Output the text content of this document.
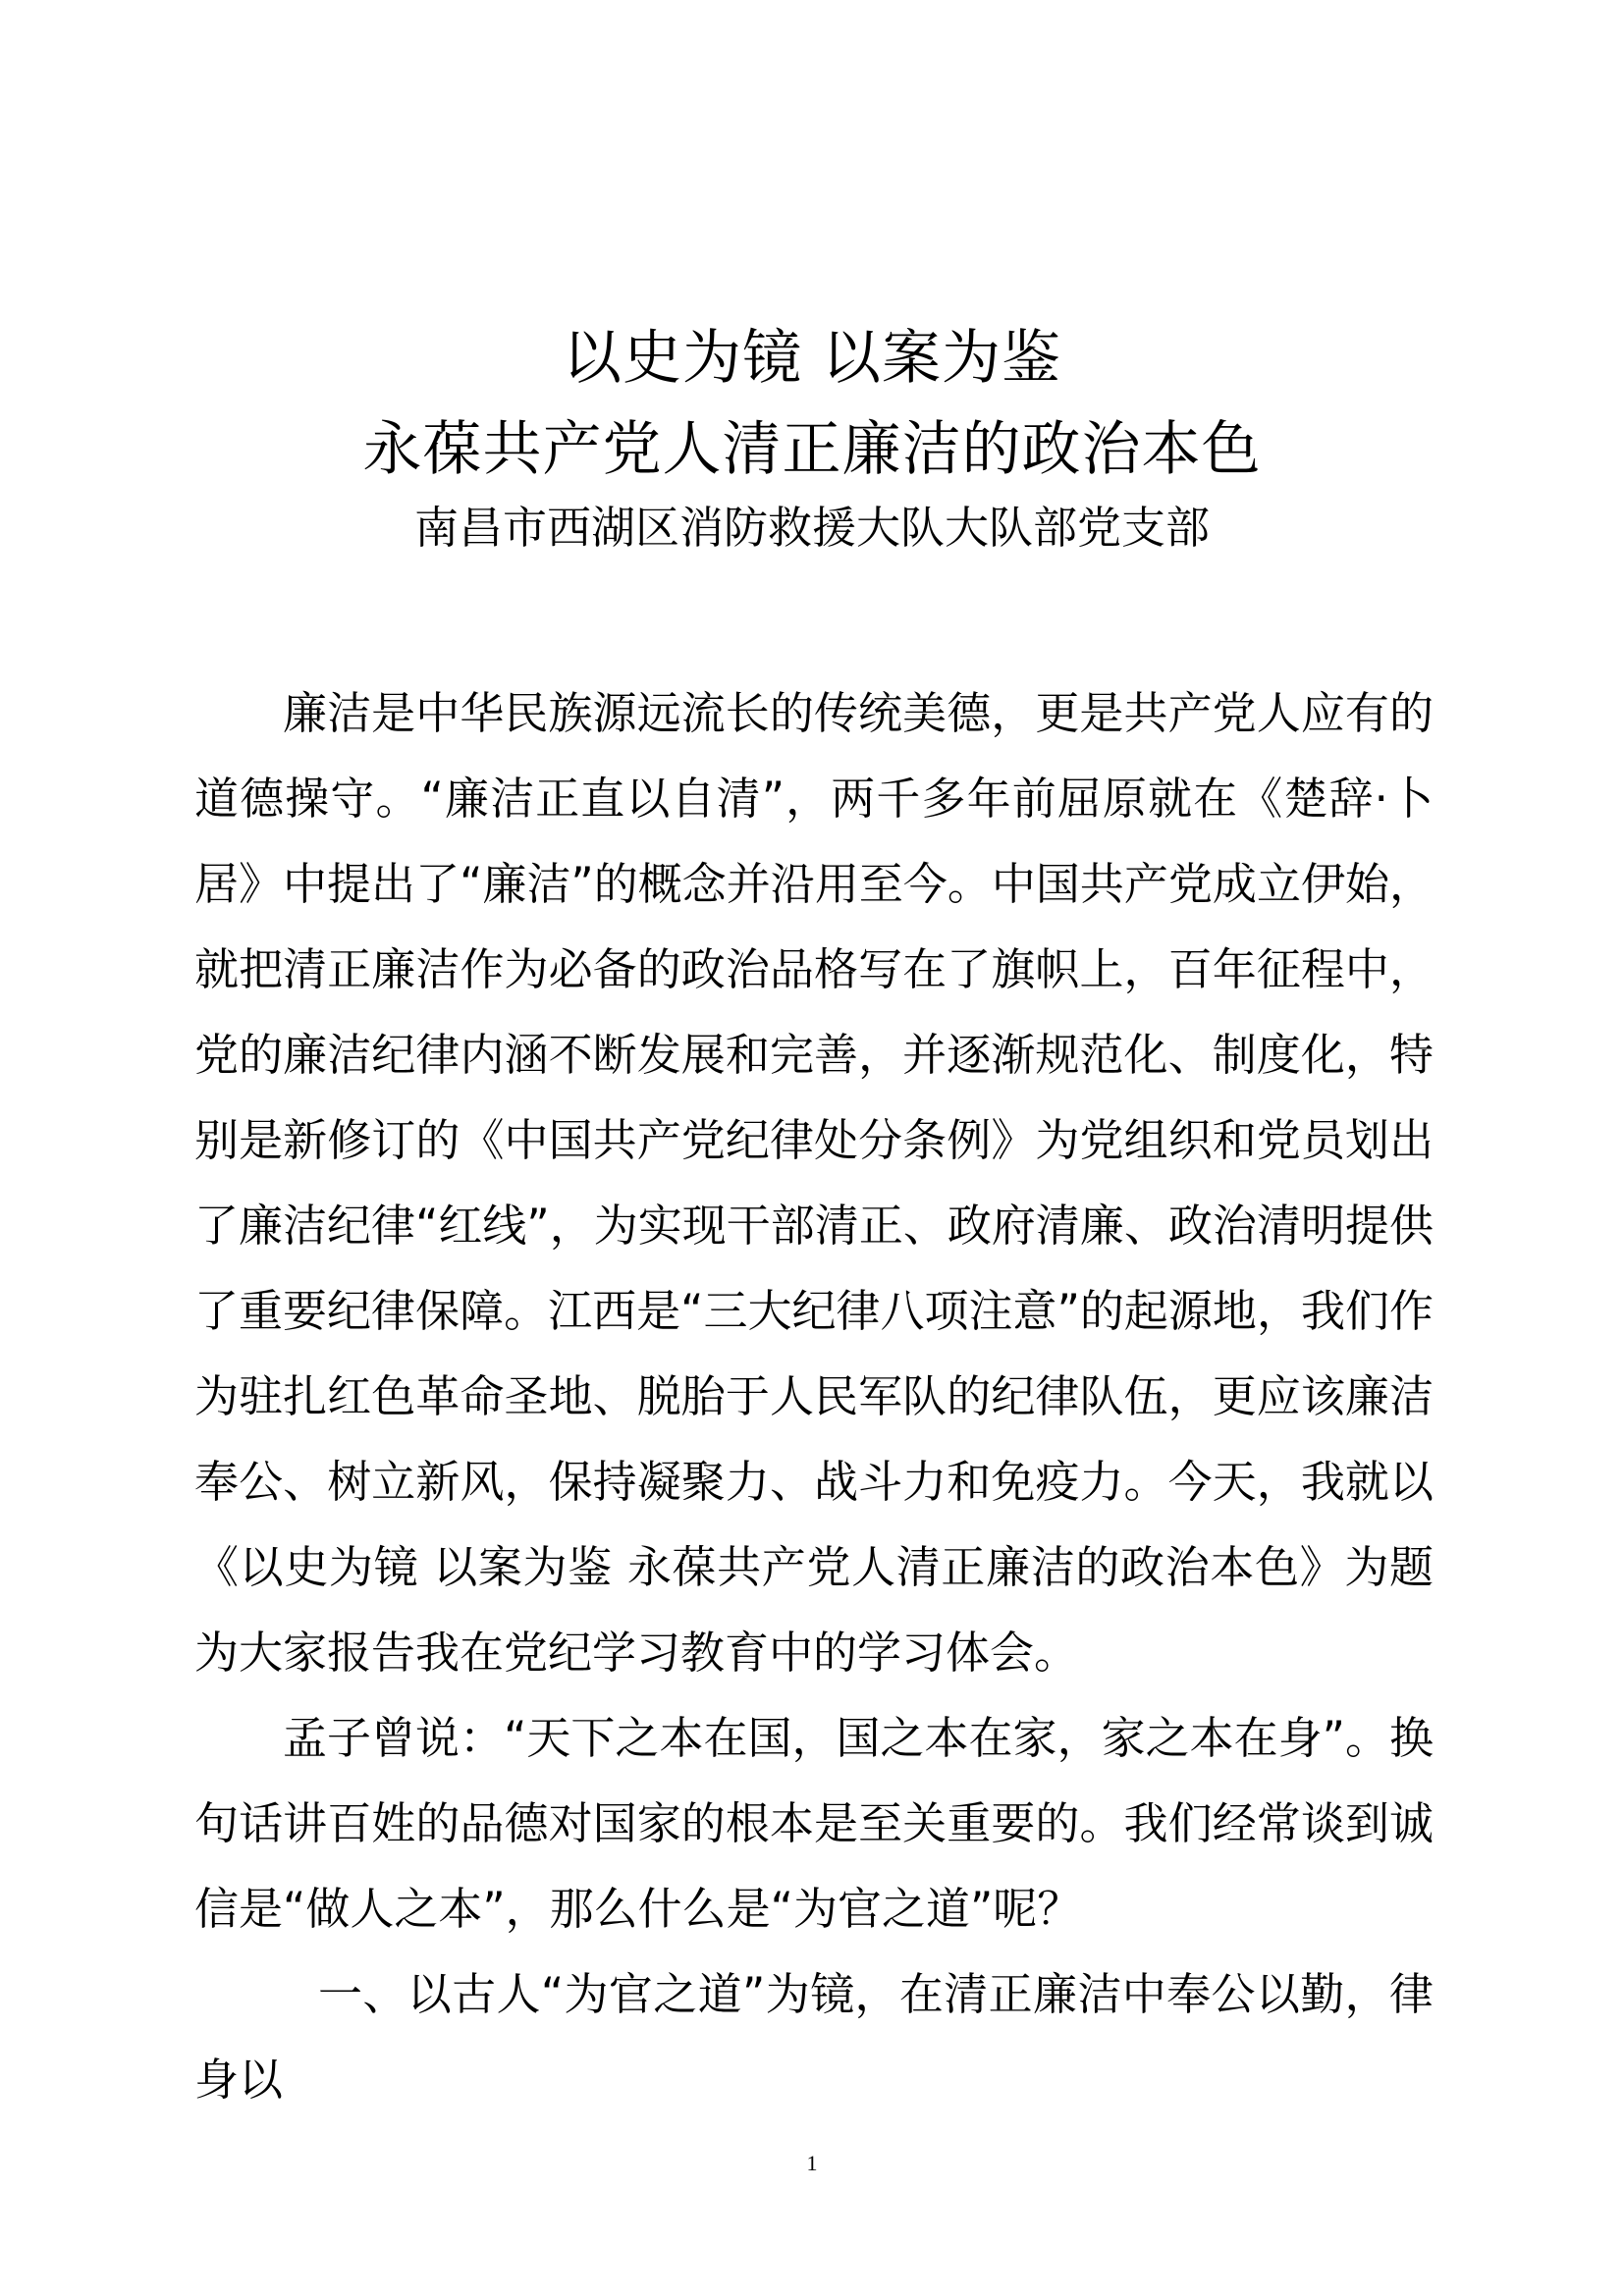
以史为镜 以案为鉴
永葆共产党人清正廉洁的政治本色
南昌市西湖区消防救援大队大队部党支部

廉洁是中华民族源远流长的传统美德，更是共产党人应有的道德操守。“廉洁正直以自清”，两千多年前屈原就在《楚辞·卜居》中提出了“廉洁”的概念并沿用至今。中国共产党成立伊始，就把清正廉洁作为必备的政治品格写在了旗帜上，百年征程中，党的廉洁纪律内涵不断发展和完善，并逐渐规范化、制度化，特别是新修订的《中国共产党纪律处分条例》为党组织和党员划出了廉洁纪律“红线”，为实现干部清正、政府清廉、政治清明提供了重要纪律保障。江西是“三大纪律八项注意”的起源地，我们作为驻扎红色革命圣地、脱胎于人民军队的纪律队伍，更应该廉洁奉公、树立新风，保持凝聚力、战斗力和免疫力。今天，我就以《以史为镜 以案为鉴 永葆共产党人清正廉洁的政治本色》为题为大家报告我在党纪学习教育中的学习体会。

孟子曾说：“天下之本在国，国之本在家，家之本在身”。换句话讲百姓的品德对国家的根本是至关重要的。我们经常谈到诚信是“做人之本”，那么什么是“为官之道”呢？

一、以古人“为官之道”为镜，在清正廉洁中奉公以勤，律身以

1
